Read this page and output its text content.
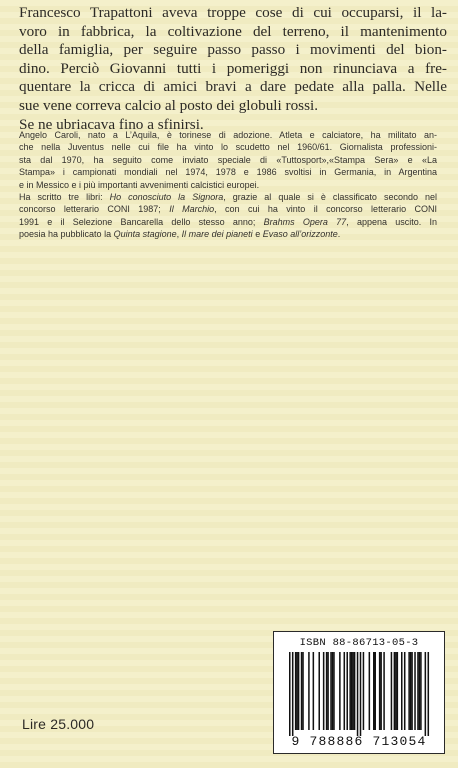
Francesco Trapattoni aveva troppe cose di cui occuparsi, il la-
voro in fabbrica, la coltivazione del terreno, il mantenimento
della famiglia, per seguire passo passo i movimenti del bion-
dino. Perciò Giovanni tutti i pomeriggi non rinunciava a fre-
quentare la cricca di amici bravi a dare pedate alla palla. Nelle
sue vene correva calcio al posto dei globuli rossi.
Se ne ubriacava fino a sfinirsi.
Angelo Caroli, nato a L’Aquila, è torinese di adozione. Atleta e calciatore, ha militato an-
che nella Juventus nelle cui file ha vinto lo scudetto nel 1960/61. Giornalista professioni-
sta dal 1970, ha seguito come inviato speciale di «Tuttosport»,«Stampa Sera» e «La
Stampa» i campionati mondiali nel 1974, 1978 e 1986 svoltisi in Germania, in Argentina
e in Messico e i più importanti avvenimenti calcistici europei.
Ha scritto tre libri: Ho conosciuto la Signora, grazie al quale si è classificato secondo nel
concorso letterario CONI 1987; Il Marchio, con cui ha vinto il concorso letterario CONI
1991 e il Selezione Bancarella dello stesso anno; Brahms Opera 77, appena uscito. In
poesia ha pubblicato la Quinta stagione, Il mare dei pianeti e Evaso all’orizzonte.
Lire 25.000
ISBN 88-86713-05-3
9 788886 713054
